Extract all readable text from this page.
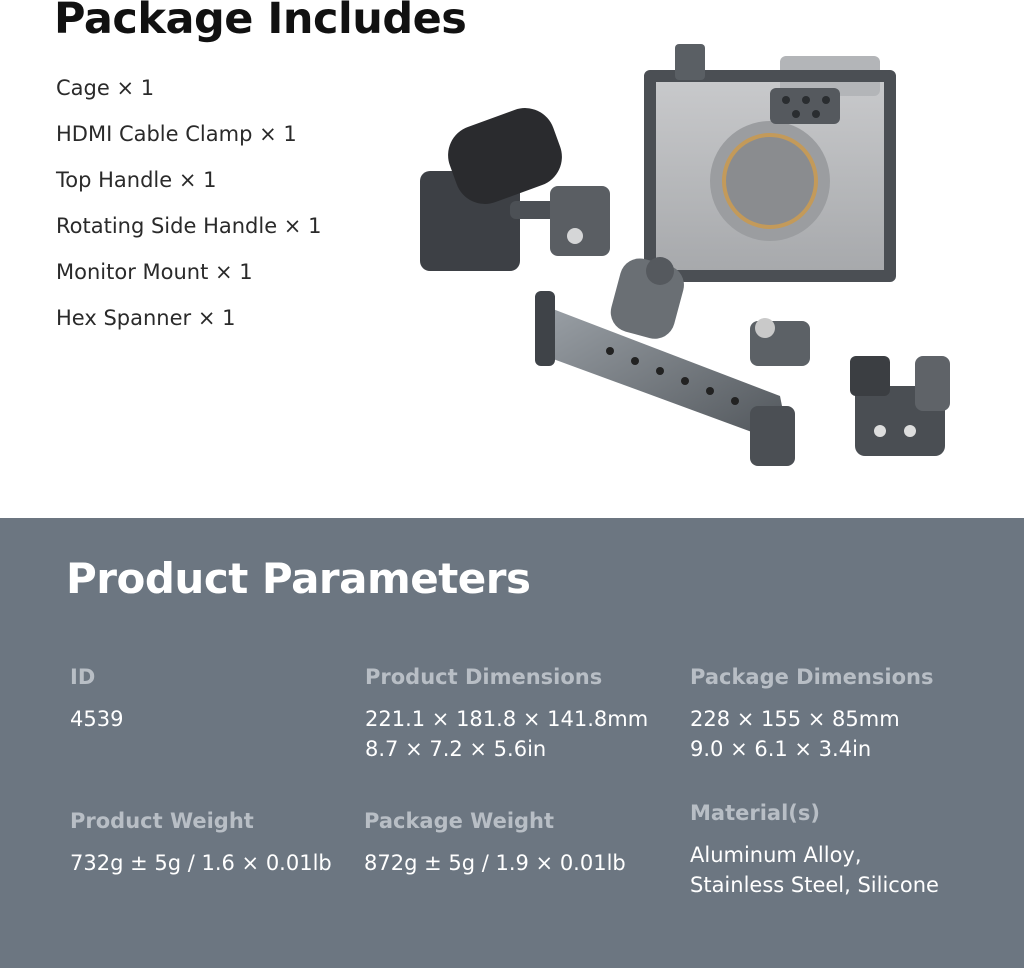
Package Includes
Cage × 1
HDMI Cable Clamp × 1
Top Handle × 1
Rotating Side Handle × 1
Monitor Mount × 1
Hex Spanner × 1
Product Parameters
ID
4539
Product Dimensions
221.1 × 181.8 × 141.8mm
8.7 × 7.2 × 5.6in
Package Dimensions
228 × 155 × 85mm
9.0 × 6.1 × 3.4in
Product Weight
732g ± 5g / 1.6 × 0.01lb
Package Weight
872g ± 5g / 1.9 × 0.01lb
Material(s)
Aluminum Alloy,
Stainless Steel, Silicone
